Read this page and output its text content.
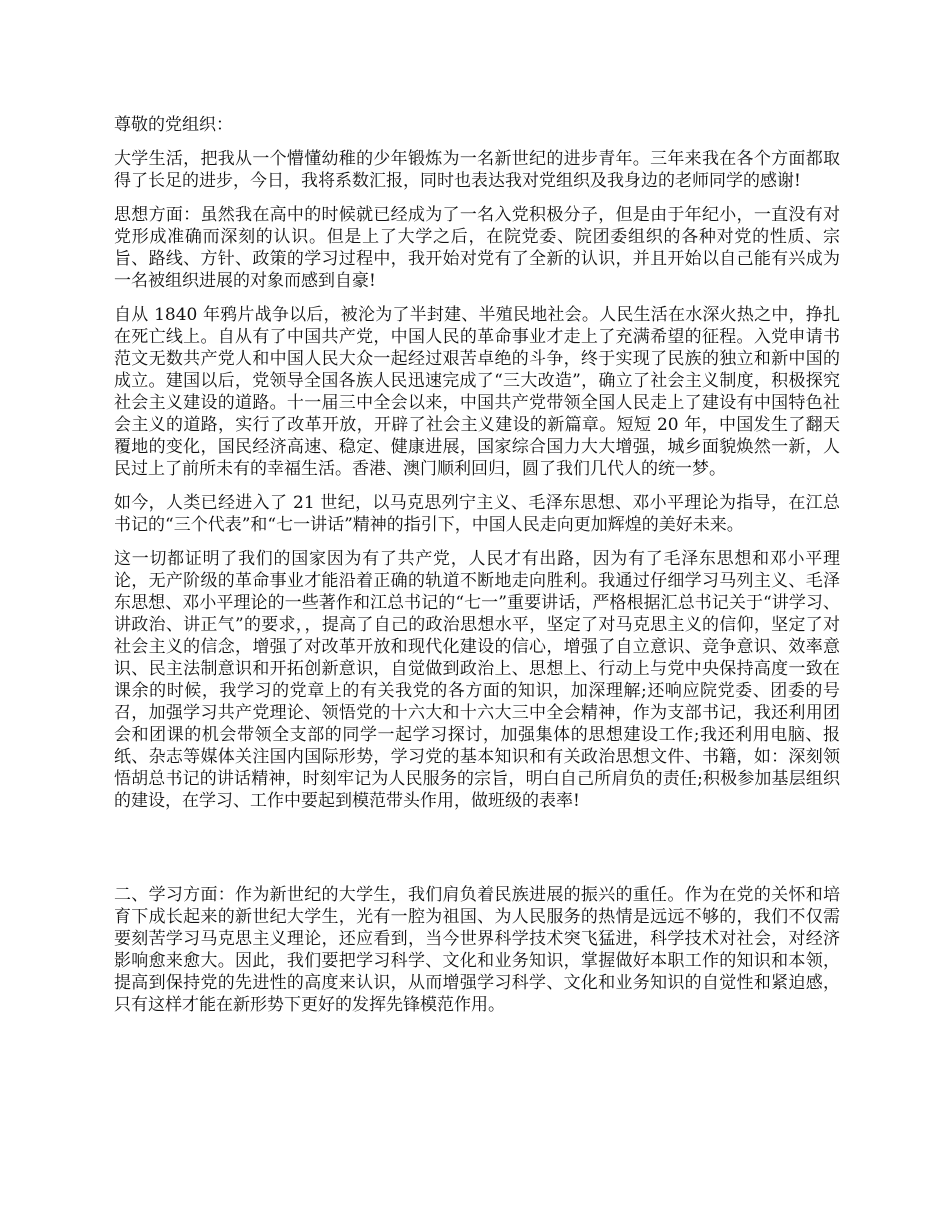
尊敬的党组织：

大学生活，把我从一个懵懂幼稚的少年锻炼为一名新世纪的进步青年。三年来我在各个方面都取得了长足的进步，今日，我将系数汇报，同时也表达我对党组织及我身边的老师同学的感谢!

思想方面：虽然我在高中的时候就已经成为了一名入党积极分子，但是由于年纪小，一直没有对党形成准确而深刻的认识。但是上了大学之后，在院党委、院团委组织的各种对党的性质、宗旨、路线、方针、政策的学习过程中，我开始对党有了全新的认识，并且开始以自己能有兴成为一名被组织进展的对象而感到自豪!

自从 1840 年鸦片战争以后，被沦为了半封建、半殖民地社会。人民生活在水深火热之中，挣扎在死亡线上。自从有了中国共产党，中国人民的革命事业才走上了充满希望的征程。入党申请书范文无数共产党人和中国人民大众一起经过艰苦卓绝的斗争，终于实现了民族的独立和新中国的成立。建国以后，党领导全国各族人民迅速完成了“三大改造”，确立了社会主义制度，积极探究社会主义建设的道路。十一届三中全会以来，中国共产党带领全国人民走上了建设有中国特色社会主义的道路，实行了改革开放，开辟了社会主义建设的新篇章。短短 20 年，中国发生了翻天覆地的变化，国民经济高速、稳定、健康进展，国家综合国力大大增强，城乡面貌焕然一新，人民过上了前所未有的幸福生活。香港、澳门顺利回归，圆了我们几代人的统一梦。

如今，人类已经进入了 21 世纪，以马克思列宁主义、毛泽东思想、邓小平理论为指导，在江总书记的“三个代表”和“七一讲话”精神的指引下，中国人民走向更加辉煌的美好未来。

这一切都证明了我们的国家因为有了共产党，人民才有出路，因为有了毛泽东思想和邓小平理论，无产阶级的革命事业才能沿着正确的轨道不断地走向胜利。我通过仔细学习马列主义、毛泽东思想、邓小平理论的一些著作和江总书记的“七一”重要讲话，严格根据汇总书记关于“讲学习、讲政治、讲正气”的要求，，提高了自己的政治思想水平，坚定了对马克思主义的信仰，坚定了对社会主义的信念，增强了对改革开放和现代化建设的信心，增强了自立意识、竞争意识、效率意识、民主法制意识和开拓创新意识，自觉做到政治上、思想上、行动上与党中央保持高度一致在课余的时候，我学习的党章上的有关我党的各方面的知识，加深理解;还响应院党委、团委的号召，加强学习共产党理论、领悟党的十六大和十六大三中全会精神，作为支部书记，我还利用团会和团课的机会带领全支部的同学一起学习探讨，加强集体的思想建设工作;我还利用电脑、报纸、杂志等媒体关注国内国际形势，学习党的基本知识和有关政治思想文件、书籍，如：深刻领悟胡总书记的讲话精神，时刻牢记为人民服务的宗旨，明白自己所肩负的责任;积极参加基层组织的建设，在学习、工作中要起到模范带头作用，做班级的表率!

二、学习方面：作为新世纪的大学生，我们肩负着民族进展的振兴的重任。作为在党的关怀和培育下成长起来的新世纪大学生，光有一腔为祖国、为人民服务的热情是远远不够的，我们不仅需要刻苦学习马克思主义理论，还应看到，当今世界科学技术突飞猛进，科学技术对社会，对经济影响愈来愈大。因此，我们要把学习科学、文化和业务知识，掌握做好本职工作的知识和本领，提高到保持党的先进性的高度来认识，从而增强学习科学、文化和业务知识的自觉性和紧迫感，只有这样才能在新形势下更好的发挥先锋模范作用。
